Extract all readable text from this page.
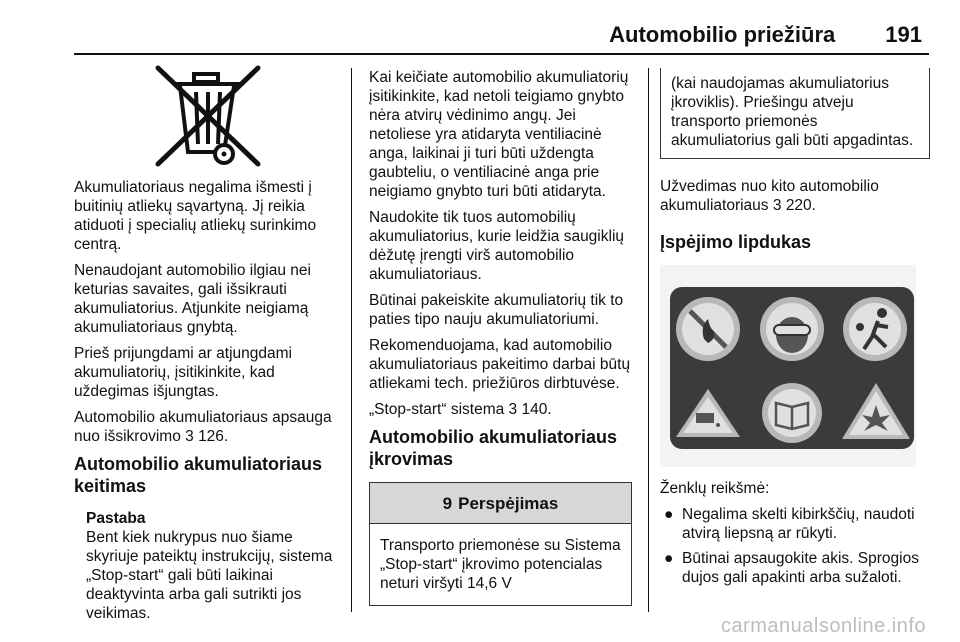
Automobilio priežiūra 191

Akumuliatoriaus negalima išmesti į buitinių atliekų sąvartyną. Jį reikia atiduoti į specialių atliekų surinkimo centrą.

Nenaudojant automobilio ilgiau nei keturias savaites, gali išsikrauti akumuliatorius. Atjunkite neigiamą akumuliatoriaus gnybtą.

Prieš prijungdami ar atjungdami akumuliatorių, įsitikinkite, kad uždegimas išjungtas.

Automobilio akumuliatoriaus apsauga nuo išsikrovimo 3 126.

Automobilio akumuliatoriaus keitimas
Pastaba
Bent kiek nukrypus nuo šiame skyriuje pateiktų instrukcijų, sistema „Stop-start“ gali būti laikinai deaktyvinta arba gali sutrikti jos veikimas.

Kai keičiate automobilio akumuliatorių įsitikinkite, kad netoli teigiamo gnybto nėra atvirų vėdinimo angų. Jei netoliese yra atidaryta ventiliacinė anga, laikinai ji turi būti uždengta gaubteliu, o ventiliacinė anga prie neigiamo gnybto turi būti atidaryta.

Naudokite tik tuos automobilių akumuliatorius, kurie leidžia saugiklių dėžutę įrengti virš automobilio akumuliatoriaus.

Būtinai pakeiskite akumuliatorių tik to paties tipo nauju akumuliatoriumi.

Rekomenduojama, kad automobilio akumuliatoriaus pakeitimo darbai būtų atliekami tech. priežiūros dirbtuvėse.

„Stop-start“ sistema 3 140.

Automobilio akumuliatoriaus įkrovimas
9 Perspėjimas
Transporto priemonėse su Sistema „Stop-start“ įkrovimo potencialas neturi viršyti 14,6 V
(kai naudojamas akumuliatorius įkroviklis). Priešingu atveju transporto priemonės akumuliatorius gali būti apgadintas.

Užvedimas nuo kito automobilio akumuliatoriaus 3 220.

Įspėjimo lipdukas

Ženklų reikšmė:

● Negalima skelti kibirkščių, naudoti atvirą liepsną ar rūkyti.
● Būtinai apsaugokite akis. Sprogios dujos gali apakinti arba sužaloti.
carmanualsonline.info
